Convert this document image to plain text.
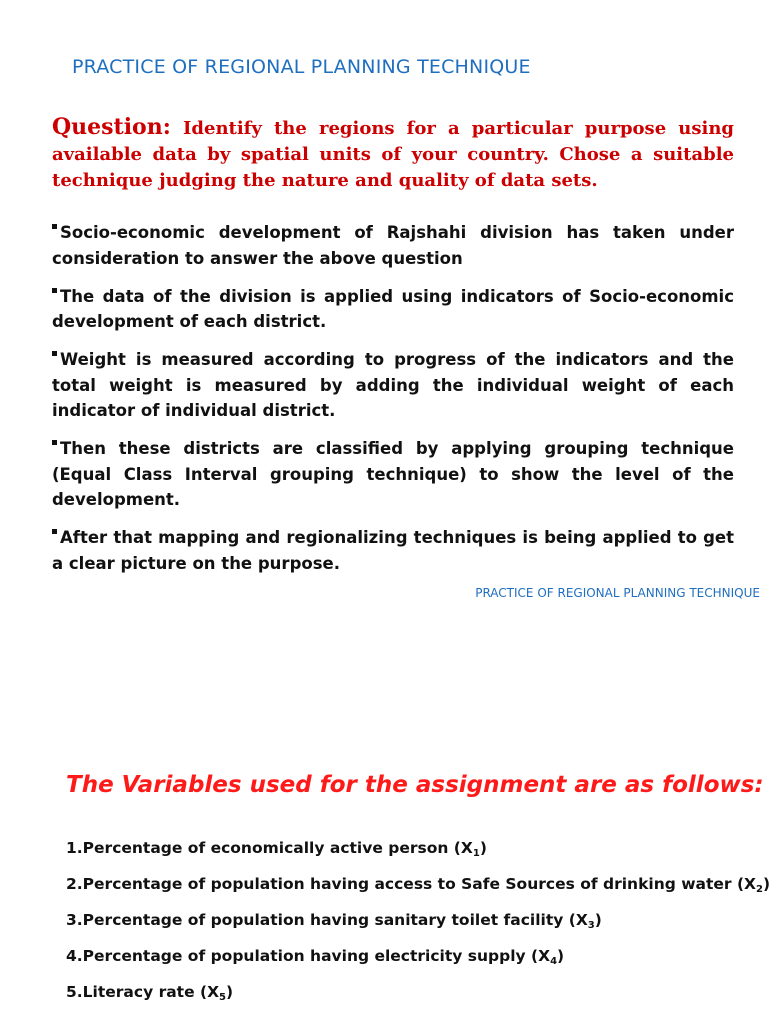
PRACTICE OF REGIONAL PLANNING TECHNIQUE

Question: Identify the regions for a particular purpose using available data by spatial units of your country. Chose a suitable technique judging the nature and quality of data sets.

Socio-economic development of Rajshahi division has taken under consideration to answer the above question
The data of the division is applied using indicators of Socio-economic development of each district.
Weight is measured according to progress of the indicators and the total weight is measured by adding the individual weight of each indicator of individual district.
Then these districts are classified by applying grouping technique (Equal Class Interval grouping technique) to show the level of the development.
After that mapping and regionalizing techniques is being applied to get a clear picture on the purpose.
PRACTICE OF REGIONAL PLANNING TECHNIQUE
The Variables used for the assignment are as follows:
1.Percentage of economically active person $(X_1)$
2.Percentage of population having access to Safe Sources of drinking water $(X_2)$
3.Percentage of population having sanitary toilet facility $(X_3)$
4.Percentage of population having electricity supply $(X_4)$
5.Literacy rate $(X_5)$
